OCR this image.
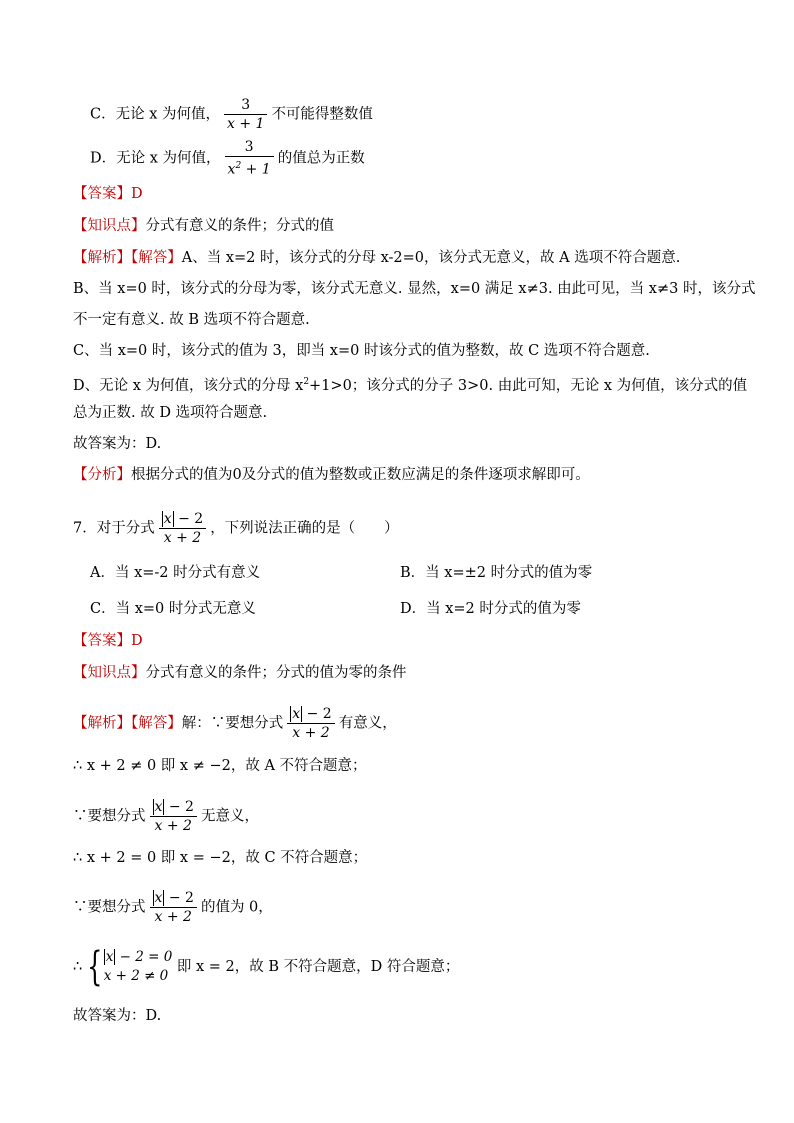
C．无论 x 为何值， $\frac{3}{x + 1}$ 不可能得整数值
D．无论 x 为何值， $\frac{3}{x^2 + 1}$ 的值总为正数
【答案】D
【知识点】分式有意义的条件；分式的值
【解析】【解答】A、当 x=2 时，该分式的分母 x-2=0，该分式无意义，故 A 选项不符合题意.
B、当 x=0 时，该分式的分母为零，该分式无意义. 显然，x=0 满足 x≠3. 由此可见，当 x≠3 时，该分式
不一定有意义. 故 B 选项不符合题意.
C、当 x=0 时，该分式的值为 3，即当 x=0 时该分式的值为整数，故 C 选项不符合题意.
D、无论 x 为何值，该分式的分母 $x^2+1>0$；该分式的分子 3>0. 由此可知，无论 x 为何值，该分式的值
总为正数. 故 D 选项符合题意.
故答案为：D.
【分析】根据分式的值为0及分式的值为整数或正数应满足的条件逐项求解即可。
7．对于分式 $\frac{x - 2}{x + 2}$ ，下列说法正确的是（　　）
A．当 x=-2 时分式有意义	B．当 x=±2 时分式的值为零
C．当 x=0 时分式无意义	D．当 x=2 时分式的值为零
【答案】D
【知识点】分式有意义的条件；分式的值为零的条件
【解析】【解答】解：∵要想分式 $\frac{x - 2}{x + 2}$ 有意义，
∴ x + 2 ≠ 0 即 x ≠ −2，故 A 不符合题意；
∵要想分式 $\frac{x - 2}{x + 2}$ 无意义，
∴ x + 2 = 0 即 x = −2，故 C 不符合题意；
∵要想分式 $\frac{x - 2}{x + 2}$ 的值为 0，
∴ { x − 2 = 0
x + 2 ≠ 0
即 x = 2，故 B 不符合题意，D 符合题意；
故答案为：D.
